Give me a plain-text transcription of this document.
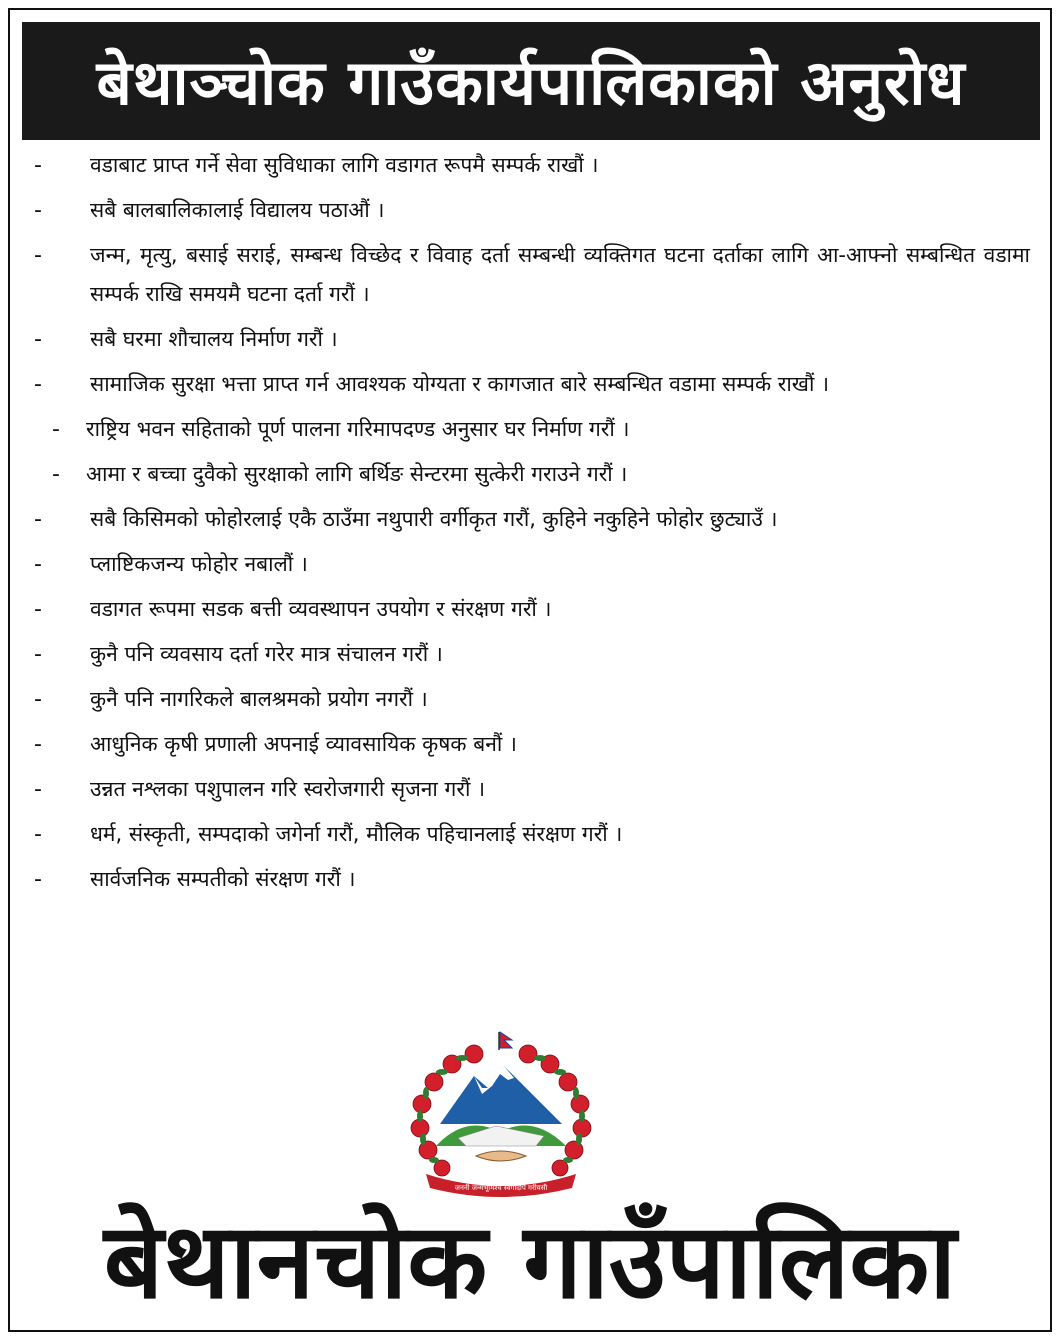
बेथाञ्चोक गाउँकार्यपालिकाको अनुरोध
- वडाबाट प्राप्त गर्ने सेवा सुविधाका लागि वडागत रूपमै सम्पर्क राखौं ।
- सबै बालबालिकालाई विद्यालय पठाऔं ।
- जन्म, मृत्यु, बसाई सराई, सम्बन्ध विच्छेद र विवाह दर्ता सम्बन्धी व्यक्तिगत घटना दर्ताका लागि आ-आफ्नो सम्बन्धित वडामा सम्पर्क राखि समयमै घटना दर्ता गरौं ।
- सबै घरमा शौचालय निर्माण गरौं ।
- सामाजिक सुरक्षा भत्ता प्राप्त गर्न आवश्यक योग्यता र कागजात बारे सम्बन्धित वडामा सम्पर्क राखौं ।
- राष्ट्रिय भवन सहिताको पूर्ण पालना गरिमापदण्ड अनुसार घर निर्माण गरौं ।
- आमा र बच्चा दुवैको सुरक्षाको लागि बर्थिङ सेन्टरमा सुत्केरी गराउने गरौं ।
- सबै किसिमको फोहोरलाई एकै ठाउँमा नथुपारी वर्गीकृत गरौं, कुहिने नकुहिने फोहोर छुट्याउँ ।
- प्लाष्टिकजन्य फोहोर नबालौं ।
- वडागत रूपमा सडक बत्ती व्यवस्थापन उपयोग र संरक्षण गरौं ।
- कुनै पनि व्यवसाय दर्ता गरेर मात्र संचालन गरौं ।
- कुनै पनि नागरिकले बालश्रमको प्रयोग नगरौं ।
- आधुनिक कृषी प्रणाली अपनाई व्यावसायिक कृषक बनौं ।
- उन्नत नश्लका पशुपालन गरि स्वरोजगारी सृजना गरौं ।
- धर्म, संस्कृती, सम्पदाको जगेर्ना गरौं, मौलिक पहिचानलाई संरक्षण गरौं ।
- सार्वजनिक सम्पतीको संरक्षण गरौं ।
जननी जन्मभूमिश्च स्वर्गादपि गरीयसी
बेथानचोक गाउँपालिका
